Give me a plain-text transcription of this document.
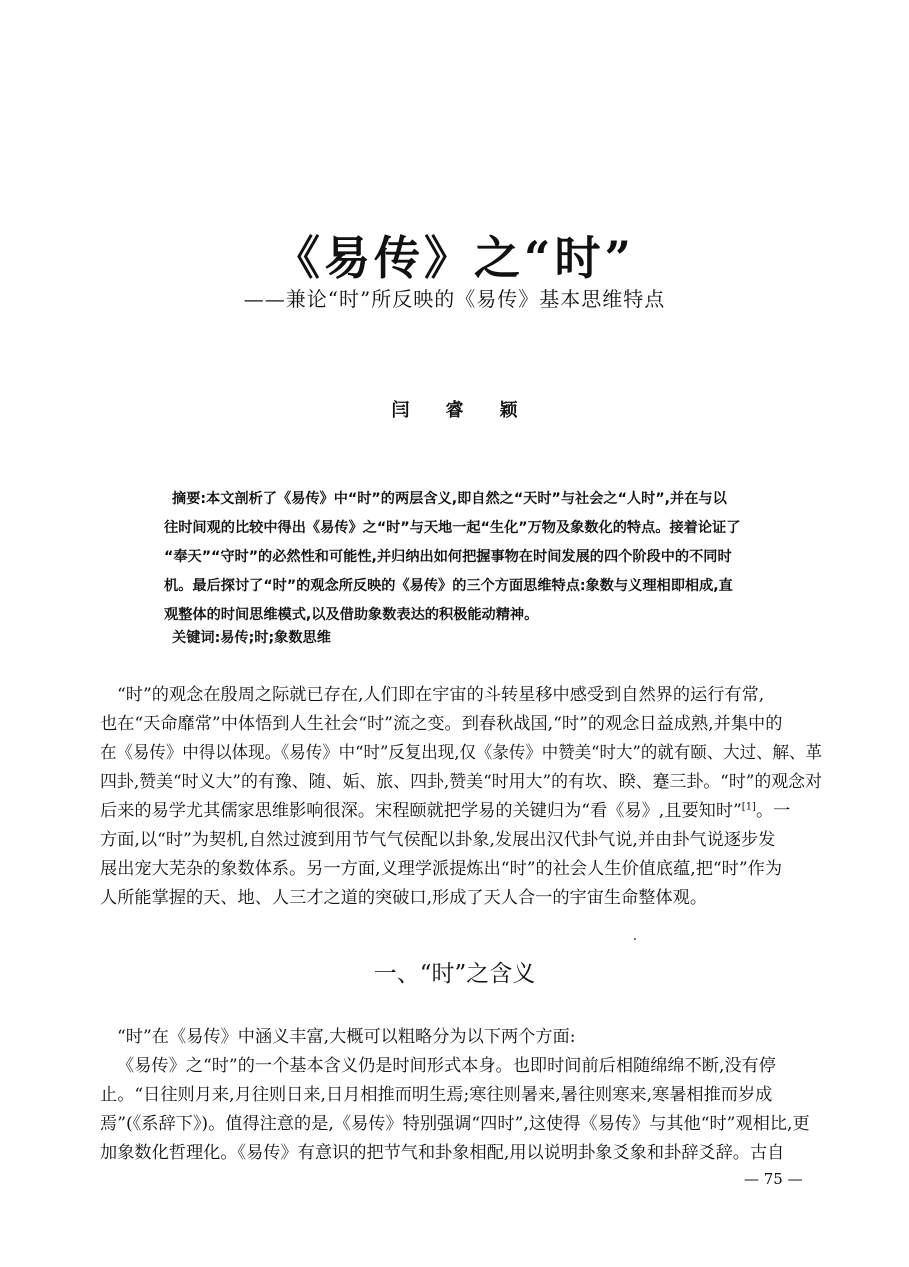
《易传》之“时”
——兼论“时”所反映的《易传》基本思维特点
闫 睿 颖
摘要:本文剖析了《易传》中“时”的两层含义,即自然之“天时”与社会之“人时”,并在与以
往时间观的比较中得出《易传》之“时”与天地一起“生化”万物及象数化的特点。接着论证了
“奉天”“守时”的必然性和可能性,并归纳出如何把握事物在时间发展的四个阶段中的不同时
机。最后探讨了“时”的观念所反映的《易传》的三个方面思维特点:象数与义理相即相成,直
观整体的时间思维模式,以及借助象数表达的积极能动精神。
关键词:易传;时;象数思维
“时”的观念在殷周之际就已存在,人们即在宇宙的斗转星移中感受到自然界的运行有常,
也在“天命靡常”中体悟到人生社会“时”流之变。到春秋战国,“时”的观念日益成熟,并集中的
在《易传》中得以体现。《易传》中“时”反复出现,仅《彖传》中赞美“时大”的就有颐、大过、解、革
四卦,赞美“时义大”的有豫、随、姤、旅、四卦,赞美“时用大”的有坎、睽、蹇三卦。“时”的观念对
后来的易学尤其儒家思维影响很深。宋程颐就把学易的关键归为“看《易》,且要知时”[1]。一
方面,以“时”为契机,自然过渡到用节气气侯配以卦象,发展出汉代卦气说,并由卦气说逐步发
展出宠大芜杂的象数体系。另一方面,义理学派提炼出“时”的社会人生价值底蕴,把“时”作为
人所能掌握的天、地、人三才之道的突破口,形成了天人合一的宇宙生命整体观。
一、“时”之含义
“时”在《易传》中涵义丰富,大概可以粗略分为以下两个方面:
《易传》之“时”的一个基本含义仍是时间形式本身。也即时间前后相随绵绵不断,没有停
止。“日往则月来,月往则日来,日月相推而明生焉;寒往则暑来,暑往则寒来,寒暑相推而岁成
焉”(《系辞下》)。值得注意的是,《易传》特别强调“四时”,这使得《易传》与其他“时”观相比,更
加象数化哲理化。《易传》有意识的把节气和卦象相配,用以说明卦象爻象和卦辞爻辞。古自
— 75 —
